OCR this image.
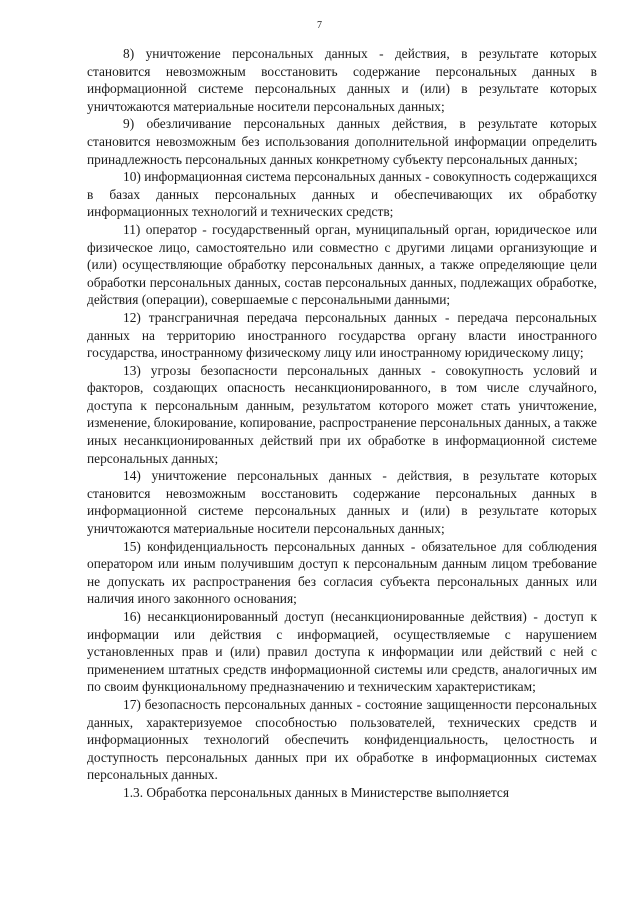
7

8) уничтожение персональных данных - действия, в результате которых становится невозможным восстановить содержание персональных данных в информационной системе персональных данных и (или) в результате которых уничтожаются материальные носители персональных данных;

9) обезличивание персональных данных действия, в результате которых становится невозможным без использования дополнительной информации определить принадлежность персональных данных конкретному субъекту персональных данных;

10) информационная система персональных данных - совокупность содержащихся в базах данных персональных данных и обеспечивающих их обработку информационных технологий и технических средств;

11) оператор - государственный орган, муниципальный орган, юридическое или физическое лицо, самостоятельно или совместно с другими лицами организующие и (или) осуществляющие обработку персональных данных, а также определяющие цели обработки персональных данных, состав персональных данных, подлежащих обработке, действия (операции), совершаемые с персональными данными;

12) трансграничная передача персональных данных - передача персональных данных на территорию иностранного государства органу власти иностранного государства, иностранному физическому лицу или иностранному юридическому лицу;

13) угрозы безопасности персональных данных - совокупность условий и факторов, создающих опасность несанкционированного, в том числе случайного, доступа к персональным данным, результатом которого может стать уничтожение, изменение, блокирование, копирование, распространение персональных данных, а также иных несанкционированных действий при их обработке в информационной системе персональных данных;

14) уничтожение персональных данных - действия, в результате которых становится невозможным восстановить содержание персональных данных в информационной системе персональных данных и (или) в результате которых уничтожаются материальные носители персональных данных;

15) конфиденциальность персональных данных - обязательное для соблюдения оператором или иным получившим доступ к персональным данным лицом требование не допускать их распространения без согласия субъекта персональных данных или наличия иного законного основания;

16) несанкционированный доступ (несанкционированные действия) - доступ к информации или действия с информацией, осуществляемые с нарушением установленных прав и (или) правил доступа к информации или действий с ней с применением штатных средств информационной системы или средств, аналогичных им по своим функциональному предназначению и техническим характеристикам;

17) безопасность персональных данных - состояние защищенности персональных данных, характеризуемое способностью пользователей, технических средств и информационных технологий обеспечить конфиденциальность, целостность и доступность персональных данных при их обработке в информационных системах персональных данных.

1.3. Обработка персональных данных в Министерстве выполняется
